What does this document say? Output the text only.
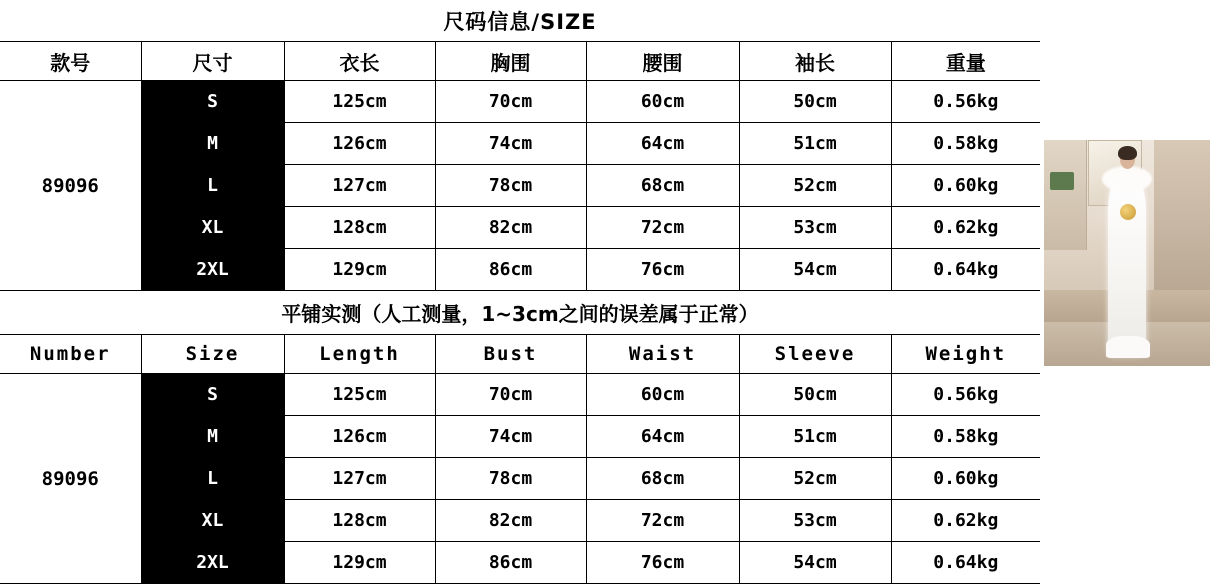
尺码信息/SIZE						
款号	尺寸	衣长	胸围	腰围	袖长	重量
89096	S	125cm	70cm	60cm	50cm	0.56kg
	M	126cm	74cm	64cm	51cm	0.58kg
	L	127cm	78cm	68cm	52cm	0.60kg
	XL	128cm	82cm	72cm	53cm	0.62kg
	2XL	129cm	86cm	76cm	54cm	0.64kg
平铺实测（人工测量，1~3cm之间的误差属于正常）						
Number	Size	Length	Bust	Waist	Sleeve	Weight
89096	S	125cm	70cm	60cm	50cm	0.56kg
	M	126cm	74cm	64cm	51cm	0.58kg
	L	127cm	78cm	68cm	52cm	0.60kg
	XL	128cm	82cm	72cm	53cm	0.62kg
	2XL	129cm	86cm	76cm	54cm	0.64kg
